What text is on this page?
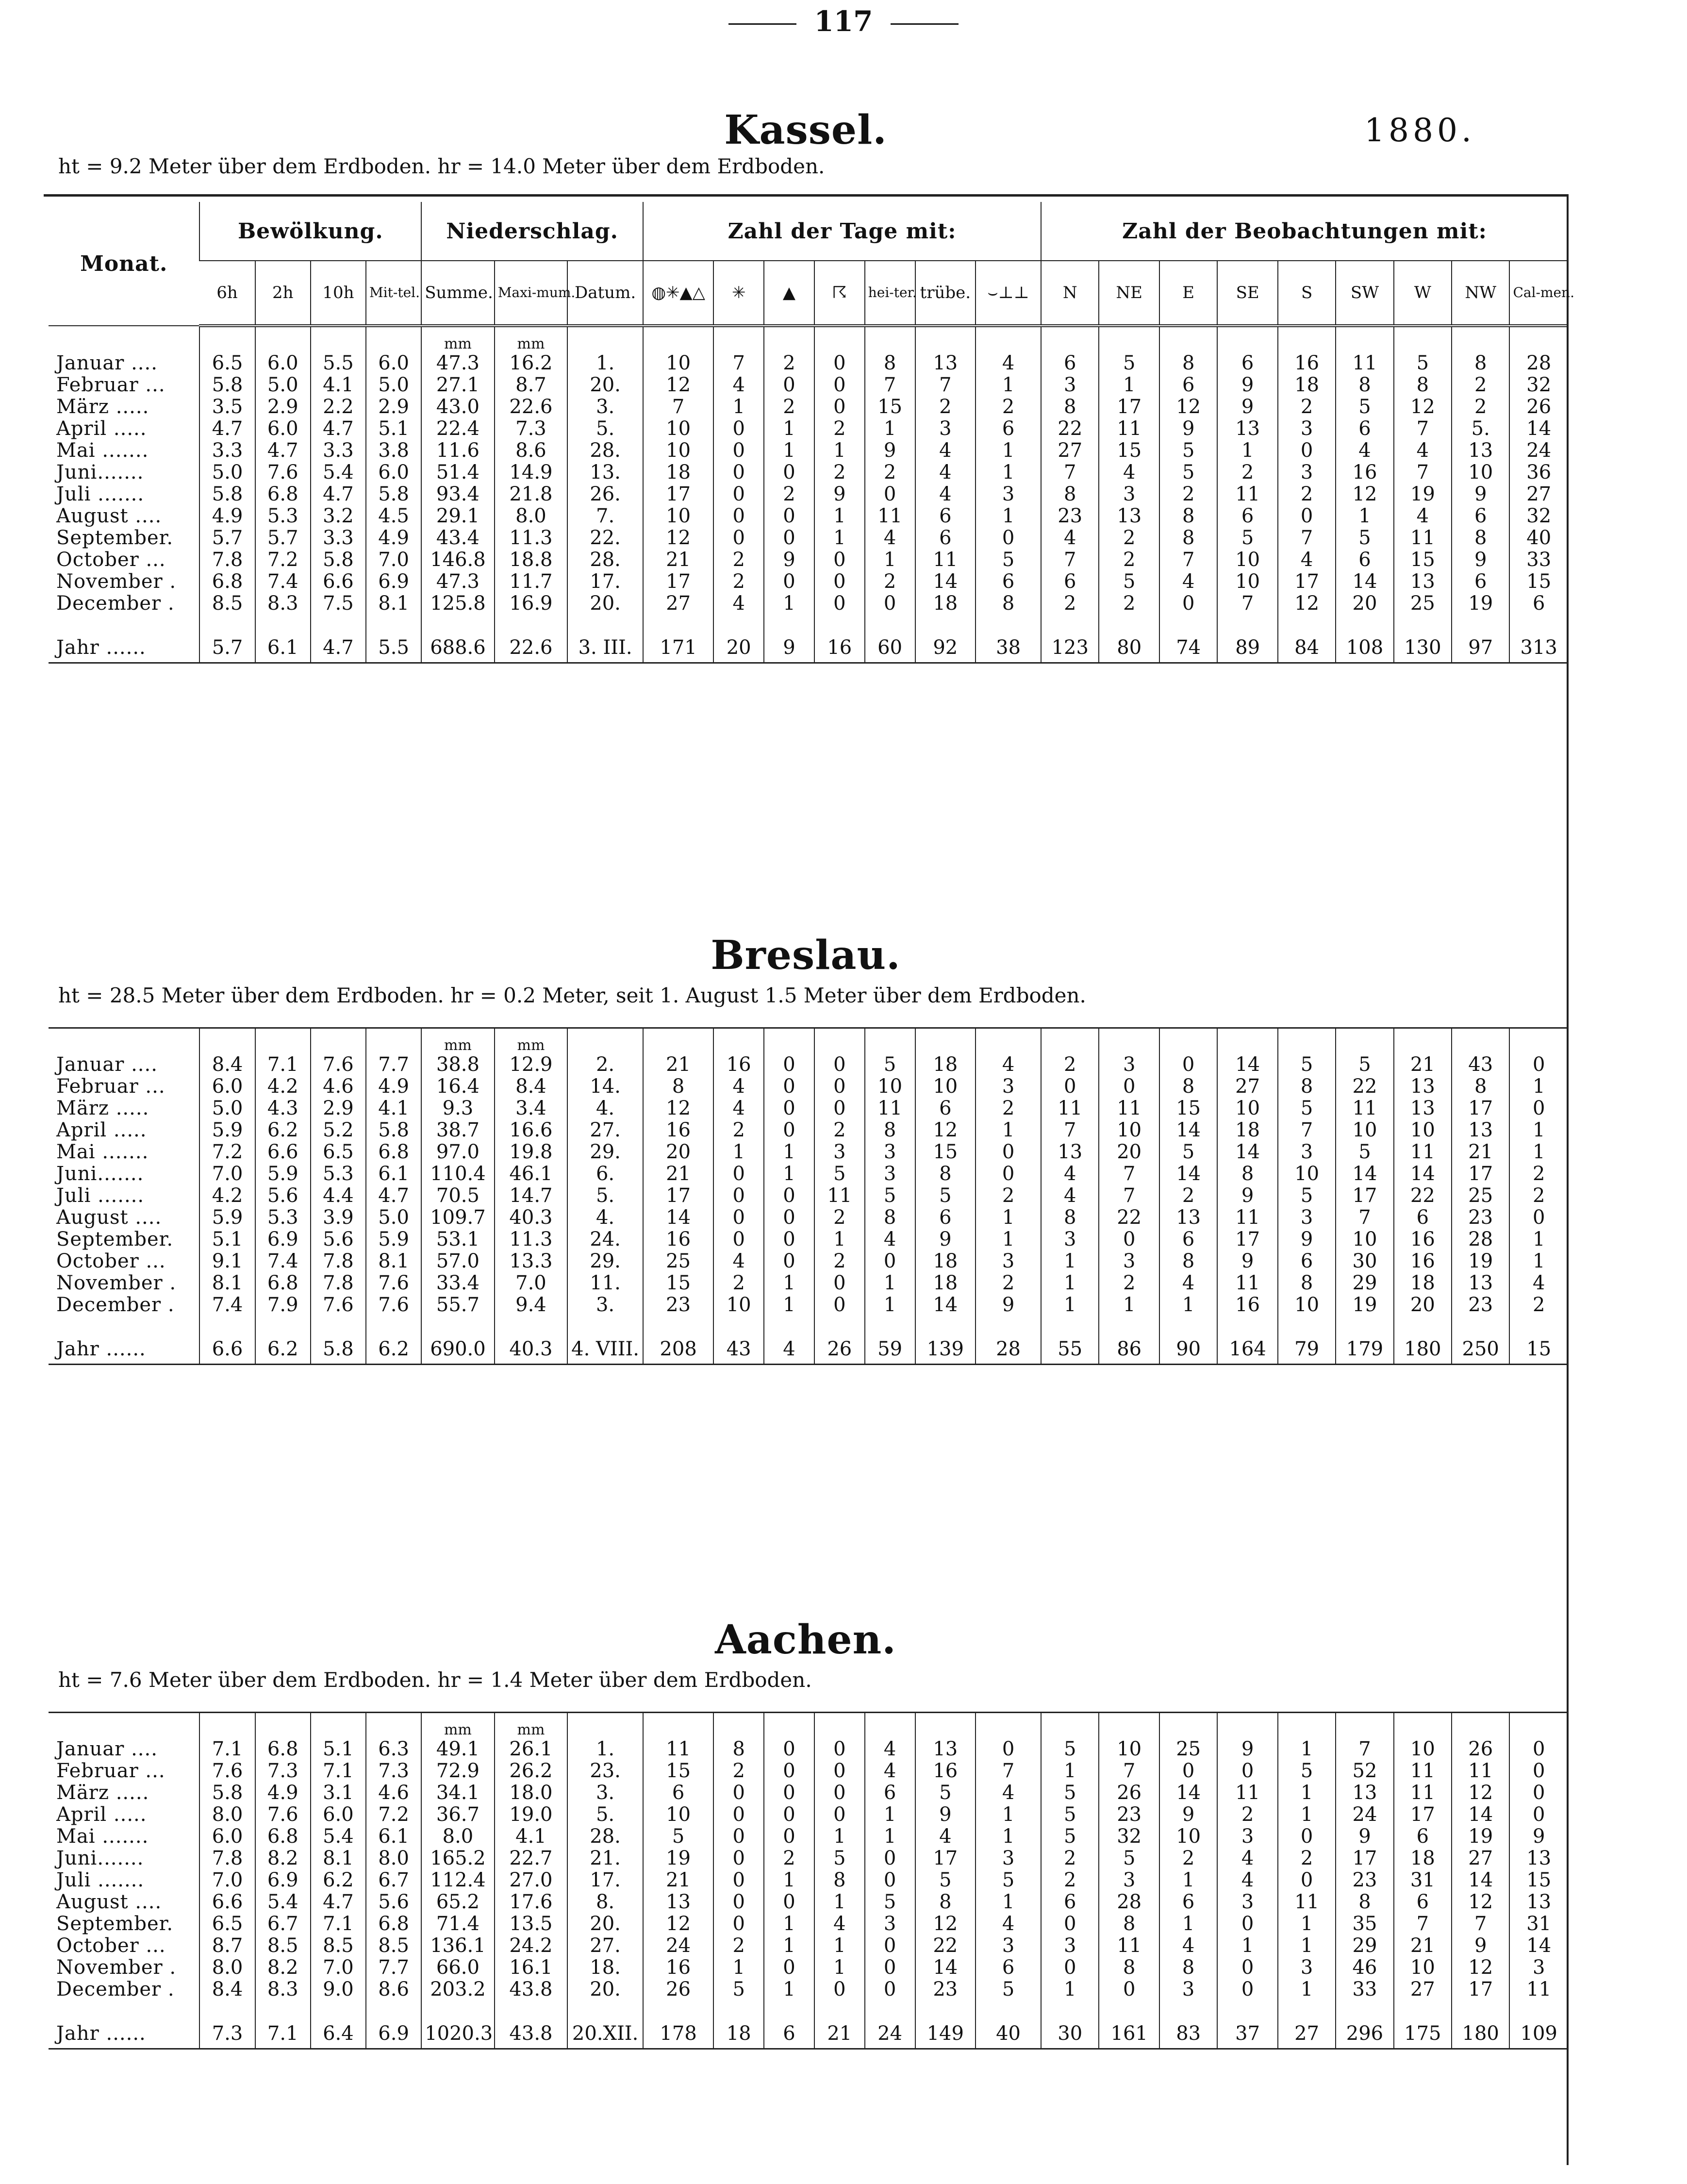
117
Kassel.	1880.
ht = 9.2 Meter über dem Erdboden. hr = 14.0 Meter über dem Erdboden.
Monat.	Bewölkung.				Niederschlag.			Zahl der Tage mit:							Zahl der Beobachtungen mit:								
	6h	2h	10h	Mit-tel.	Summe.	Maxi-mum.	Datum.	◍✳▲△	✳	▲	☈	hei-ter.	trübe.	⌣⊥⊥	N	NE	E	SE	S	SW	W	NW	Cal-men.

					mm	mm																	
Januar ....	6.5	6.0	5.5	6.0	47.3	16.2	1.	10	7	2	0	8	13	4	6	5	8	6	16	11	5	8	28
Februar ...	5.8	5.0	4.1	5.0	27.1	8.7	20.	12	4	0	0	7	7	1	3	1	6	9	18	8	8	2	32
März .....	3.5	2.9	2.2	2.9	43.0	22.6	3.	7	1	2	0	15	2	2	8	17	12	9	2	5	12	2	26
April .....	4.7	6.0	4.7	5.1	22.4	7.3	5.	10	0	1	2	1	3	6	22	11	9	13	3	6	7	5.	14
Mai .......	3.3	4.7	3.3	3.8	11.6	8.6	28.	10	0	1	1	9	4	1	27	15	5	1	0	4	4	13	24
Juni.......	5.0	7.6	5.4	6.0	51.4	14.9	13.	18	0	0	2	2	4	1	7	4	5	2	3	16	7	10	36
Juli .......	5.8	6.8	4.7	5.8	93.4	21.8	26.	17	0	2	9	0	4	3	8	3	2	11	2	12	19	9	27
August ....	4.9	5.3	3.2	4.5	29.1	8.0	7.	10	0	0	1	11	6	1	23	13	8	6	0	1	4	6	32
September.	5.7	5.7	3.3	4.9	43.4	11.3	22.	12	0	0	1	4	6	0	4	2	8	5	7	5	11	8	40
October ...	7.8	7.2	5.8	7.0	146.8	18.8	28.	21	2	9	0	1	11	5	7	2	7	10	4	6	15	9	33
November .	6.8	7.4	6.6	6.9	47.3	11.7	17.	17	2	0	0	2	14	6	6	5	4	10	17	14	13	6	15
December .	8.5	8.3	7.5	8.1	125.8	16.9	20.	27	4	1	0	0	18	8	2	2	0	7	12	20	25	19	6

Jahr ......	5.7	6.1	4.7	5.5	688.6	22.6	3. III.	171	20	9	16	60	92	38	123	80	74	89	84	108	130	97	313
Breslau.
ht = 28.5 Meter über dem Erdboden. hr = 0.2 Meter, seit 1. August 1.5 Meter über dem Erdboden.
					mm	mm																	
Januar ....	8.4	7.1	7.6	7.7	38.8	12.9	2.	21	16	0	0	5	18	4	2	3	0	14	5	5	21	43	0
Februar ...	6.0	4.2	4.6	4.9	16.4	8.4	14.	8	4	0	0	10	10	3	0	0	8	27	8	22	13	8	1
März .....	5.0	4.3	2.9	4.1	9.3	3.4	4.	12	4	0	0	11	6	2	11	11	15	10	5	11	13	17	0
April .....	5.9	6.2	5.2	5.8	38.7	16.6	27.	16	2	0	2	8	12	1	7	10	14	18	7	10	10	13	1
Mai .......	7.2	6.6	6.5	6.8	97.0	19.8	29.	20	1	1	3	3	15	0	13	20	5	14	3	5	11	21	1
Juni.......	7.0	5.9	5.3	6.1	110.4	46.1	6.	21	0	1	5	3	8	0	4	7	14	8	10	14	14	17	2
Juli .......	4.2	5.6	4.4	4.7	70.5	14.7	5.	17	0	0	11	5	5	2	4	7	2	9	5	17	22	25	2
August ....	5.9	5.3	3.9	5.0	109.7	40.3	4.	14	0	0	2	8	6	1	8	22	13	11	3	7	6	23	0
September.	5.1	6.9	5.6	5.9	53.1	11.3	24.	16	0	0	1	4	9	1	3	0	6	17	9	10	16	28	1
October ...	9.1	7.4	7.8	8.1	57.0	13.3	29.	25	4	0	2	0	18	3	1	3	8	9	6	30	16	19	1
November .	8.1	6.8	7.8	7.6	33.4	7.0	11.	15	2	1	0	1	18	2	1	2	4	11	8	29	18	13	4
December .	7.4	7.9	7.6	7.6	55.7	9.4	3.	23	10	1	0	1	14	9	1	1	1	16	10	19	20	23	2

Jahr ......	6.6	6.2	5.8	6.2	690.0	40.3	4. VIII.	208	43	4	26	59	139	28	55	86	90	164	79	179	180	250	15
Aachen.
ht = 7.6 Meter über dem Erdboden. hr = 1.4 Meter über dem Erdboden.
					mm	mm																	
Januar ....	7.1	6.8	5.1	6.3	49.1	26.1	1.	11	8	0	0	4	13	0	5	10	25	9	1	7	10	26	0
Februar ...	7.6	7.3	7.1	7.3	72.9	26.2	23.	15	2	0	0	4	16	7	1	7	0	0	5	52	11	11	0
März .....	5.8	4.9	3.1	4.6	34.1	18.0	3.	6	0	0	0	6	5	4	5	26	14	11	1	13	11	12	0
April .....	8.0	7.6	6.0	7.2	36.7	19.0	5.	10	0	0	0	1	9	1	5	23	9	2	1	24	17	14	0
Mai .......	6.0	6.8	5.4	6.1	8.0	4.1	28.	5	0	0	1	1	4	1	5	32	10	3	0	9	6	19	9
Juni.......	7.8	8.2	8.1	8.0	165.2	22.7	21.	19	0	2	5	0	17	3	2	5	2	4	2	17	18	27	13
Juli .......	7.0	6.9	6.2	6.7	112.4	27.0	17.	21	0	1	8	0	5	5	2	3	1	4	0	23	31	14	15
August ....	6.6	5.4	4.7	5.6	65.2	17.6	8.	13	0	0	1	5	8	1	6	28	6	3	11	8	6	12	13
September.	6.5	6.7	7.1	6.8	71.4	13.5	20.	12	0	1	4	3	12	4	0	8	1	0	1	35	7	7	31
October ...	8.7	8.5	8.5	8.5	136.1	24.2	27.	24	2	1	1	0	22	3	3	11	4	1	1	29	21	9	14
November .	8.0	8.2	7.0	7.7	66.0	16.1	18.	16	1	0	1	0	14	6	0	8	8	0	3	46	10	12	3
December .	8.4	8.3	9.0	8.6	203.2	43.8	20.	26	5	1	0	0	23	5	1	0	3	0	1	33	27	17	11

Jahr ......	7.3	7.1	6.4	6.9	1020.3	43.8	20.XII.	178	18	6	21	24	149	40	30	161	83	37	27	296	175	180	109
